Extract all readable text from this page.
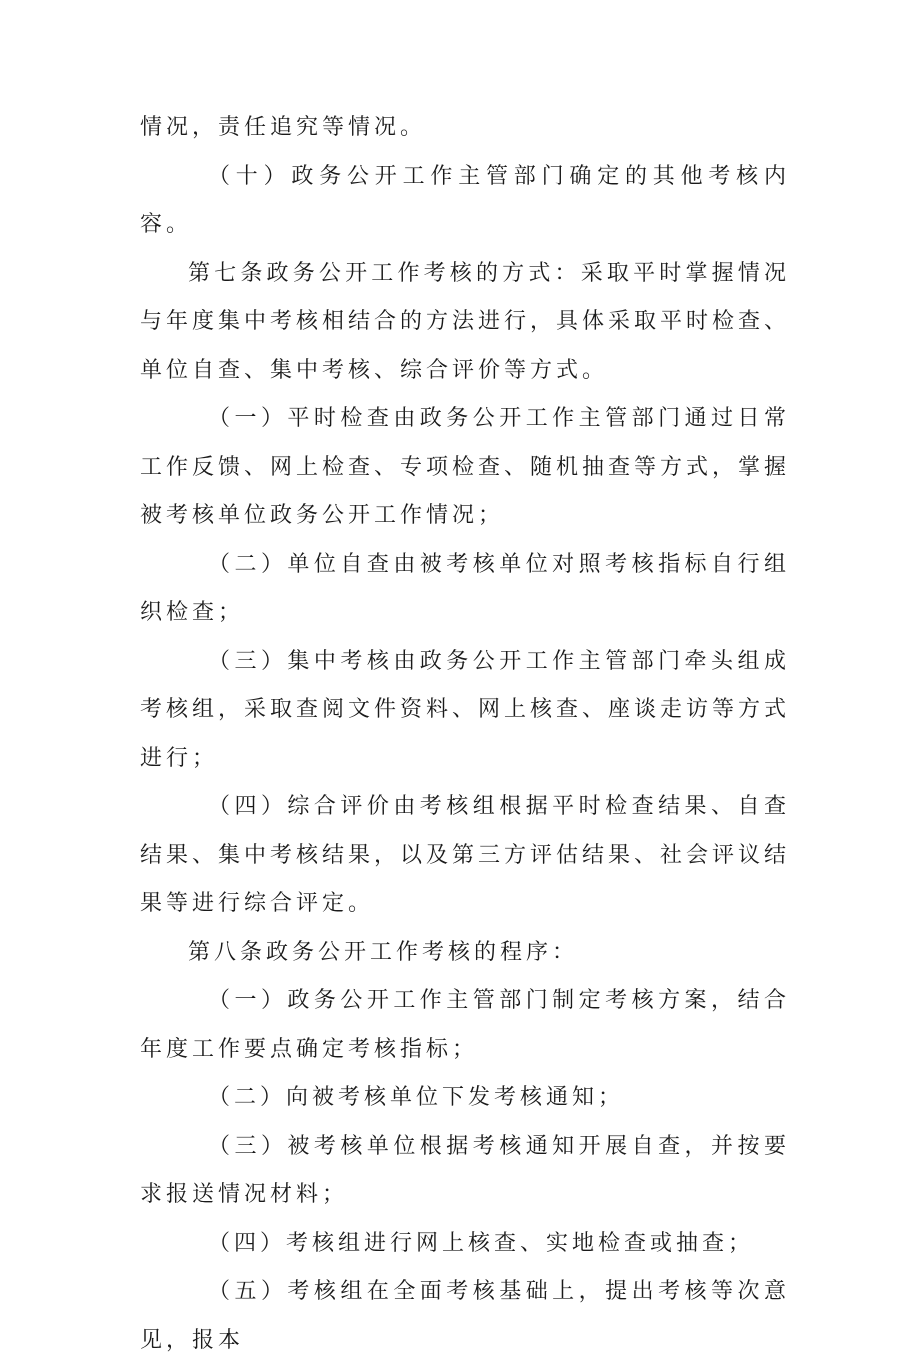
情况，责任追究等情况。

（十）政务公开工作主管部门确定的其他考核内容。

第七条政务公开工作考核的方式：采取平时掌握情况与年度集中考核相结合的方法进行，具体采取平时检查、单位自查、集中考核、综合评价等方式。

（一）平时检查由政务公开工作主管部门通过日常工作反馈、网上检查、专项检查、随机抽查等方式，掌握被考核单位政务公开工作情况；

（二）单位自查由被考核单位对照考核指标自行组织检查；

（三）集中考核由政务公开工作主管部门牵头组成考核组，采取查阅文件资料、网上核查、座谈走访等方式进行；

（四）综合评价由考核组根据平时检查结果、自查结果、集中考核结果，以及第三方评估结果、社会评议结果等进行综合评定。

第八条政务公开工作考核的程序：

（一）政务公开工作主管部门制定考核方案，结合年度工作要点确定考核指标；

（二）向被考核单位下发考核通知；

（三）被考核单位根据考核通知开展自查，并按要求报送情况材料；

（四）考核组进行网上核查、实地检查或抽查；

（五）考核组在全面考核基础上，提出考核等次意见，报本
